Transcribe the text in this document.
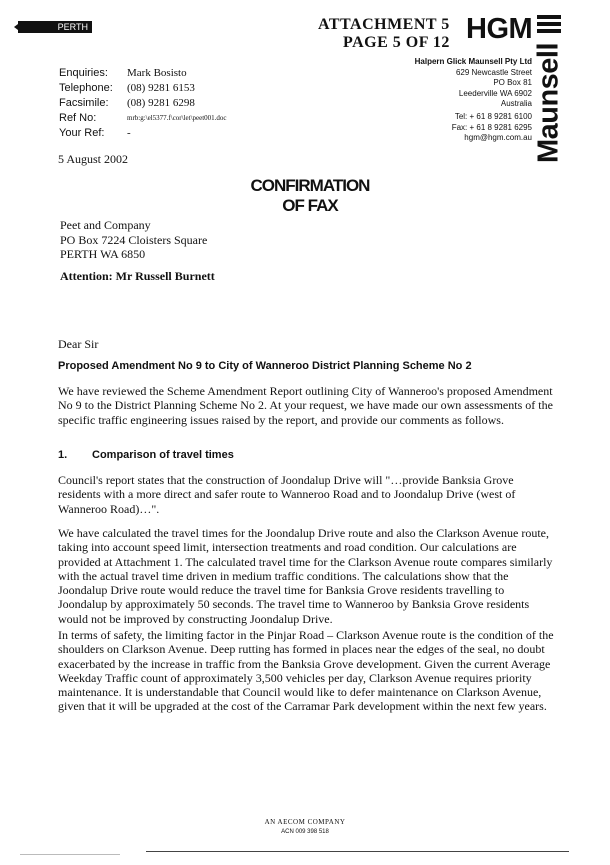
PERTH	ATTACHMENT 5
PAGE 5 OF 12 HGM
Maunsell
Halpern Glick Maunsell Pty Ltd
629 Newcastle Street
PO Box 81
Leederville WA 6902
Australia
Tel: + 61 8 9281 6100
Fax: + 61 8 9281 6295
hgm@hgm.com.au
Enquiries:	Mark Bosisto
Telephone:	(08) 9281 6153
Facsimile:	(08) 9281 6298
Ref No:	mrb:g:\el5377.f\cor\let\peet001.doc
Your Ref:	-
5 August 2002
CONFIRMATION
OF FAX
Peet and Company
PO Box 7224 Cloisters Square
PERTH WA 6850
Attention: Mr Russell Burnett
Dear Sir
Proposed Amendment No 9 to City of Wanneroo District Planning Scheme No 2
We have reviewed the Scheme Amendment Report outlining City of Wanneroo's proposed Amendment No 9 to the District Planning Scheme No 2. At your request, we have made our own assessments of the specific traffic engineering issues raised by the report, and provide our comments as follows.
1. Comparison of travel times
Council's report states that the construction of Joondalup Drive will "…provide Banksia Grove residents with a more direct and safer route to Wanneroo Road and to Joondalup Drive (west of Wanneroo Road)…".
We have calculated the travel times for the Joondalup Drive route and also the Clarkson Avenue route, taking into account speed limit, intersection treatments and road condition. Our calculations are provided at Attachment 1. The calculated travel time for the Clarkson Avenue route compares similarly with the actual travel time driven in medium traffic conditions. The calculations show that the Joondalup Drive route would reduce the travel time for Banksia Grove residents travelling to Joondalup by approximately 50 seconds. The travel time to Wanneroo by Banksia Grove residents would not be improved by constructing Joondalup Drive.
In terms of safety, the limiting factor in the Pinjar Road – Clarkson Avenue route is the condition of the shoulders on Clarkson Avenue. Deep rutting has formed in places near the edges of the seal, no doubt exacerbated by the increase in traffic from the Banksia Grove development. Given the current Average Weekday Traffic count of approximately 3,500 vehicles per day, Clarkson Avenue requires priority maintenance. It is understandable that Council would like to defer maintenance on Clarkson Avenue, given that it will be upgraded at the cost of the Carramar Park development within the next few years.
AN AECOM COMPANY
ACN 009 398 518
